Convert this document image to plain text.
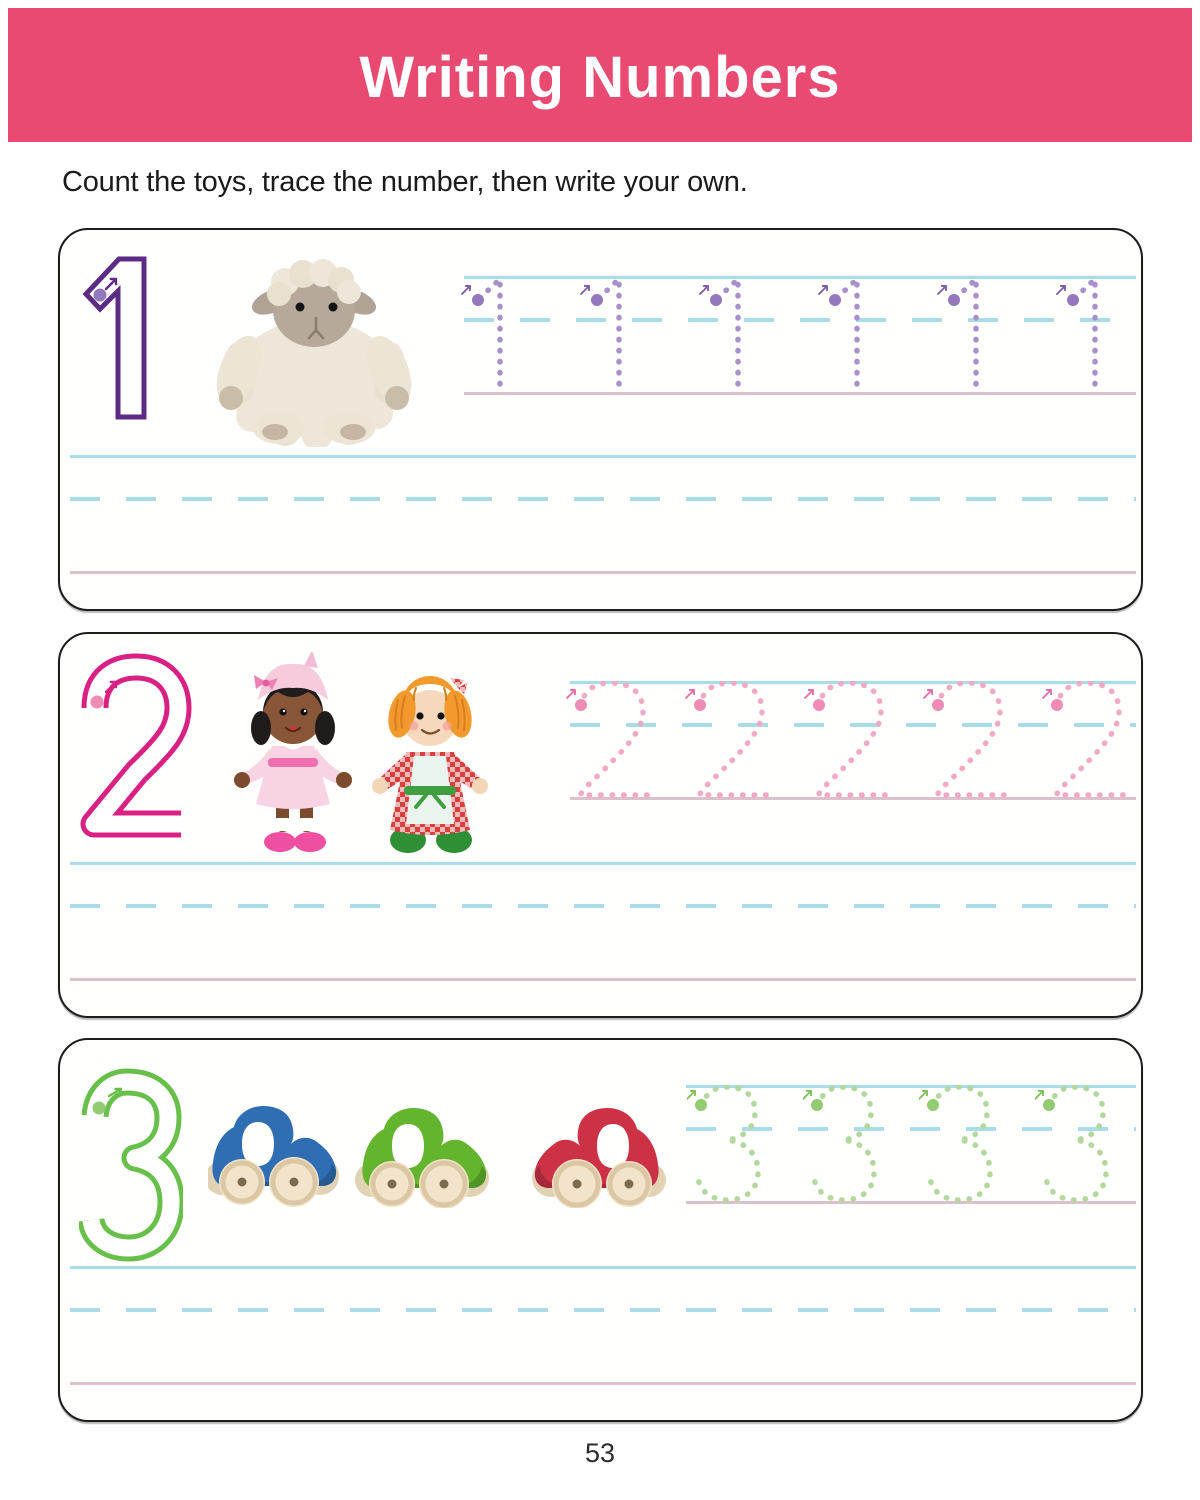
Writing Numbers
Count the toys, trace the number, then write your own.
53
